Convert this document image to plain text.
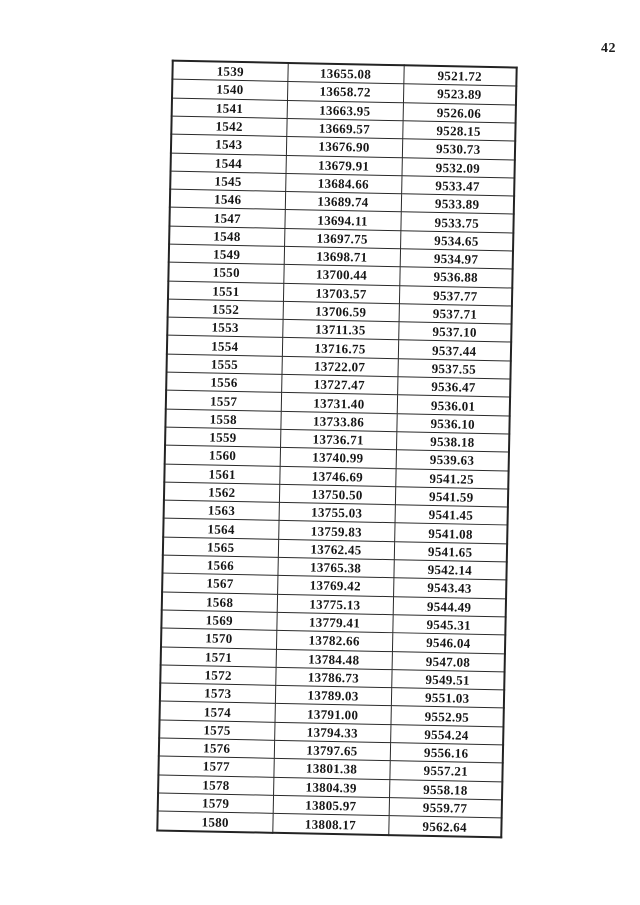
42
1539	13655.08	9521.72
1540	13658.72	9523.89
1541	13663.95	9526.06
1542	13669.57	9528.15
1543	13676.90	9530.73
1544	13679.91	9532.09
1545	13684.66	9533.47
1546	13689.74	9533.89
1547	13694.11	9533.75
1548	13697.75	9534.65
1549	13698.71	9534.97
1550	13700.44	9536.88
1551	13703.57	9537.77
1552	13706.59	9537.71
1553	13711.35	9537.10
1554	13716.75	9537.44
1555	13722.07	9537.55
1556	13727.47	9536.47
1557	13731.40	9536.01
1558	13733.86	9536.10
1559	13736.71	9538.18
1560	13740.99	9539.63
1561	13746.69	9541.25
1562	13750.50	9541.59
1563	13755.03	9541.45
1564	13759.83	9541.08
1565	13762.45	9541.65
1566	13765.38	9542.14
1567	13769.42	9543.43
1568	13775.13	9544.49
1569	13779.41	9545.31
1570	13782.66	9546.04
1571	13784.48	9547.08
1572	13786.73	9549.51
1573	13789.03	9551.03
1574	13791.00	9552.95
1575	13794.33	9554.24
1576	13797.65	9556.16
1577	13801.38	9557.21
1578	13804.39	9558.18
1579	13805.97	9559.77
1580	13808.17	9562.64
